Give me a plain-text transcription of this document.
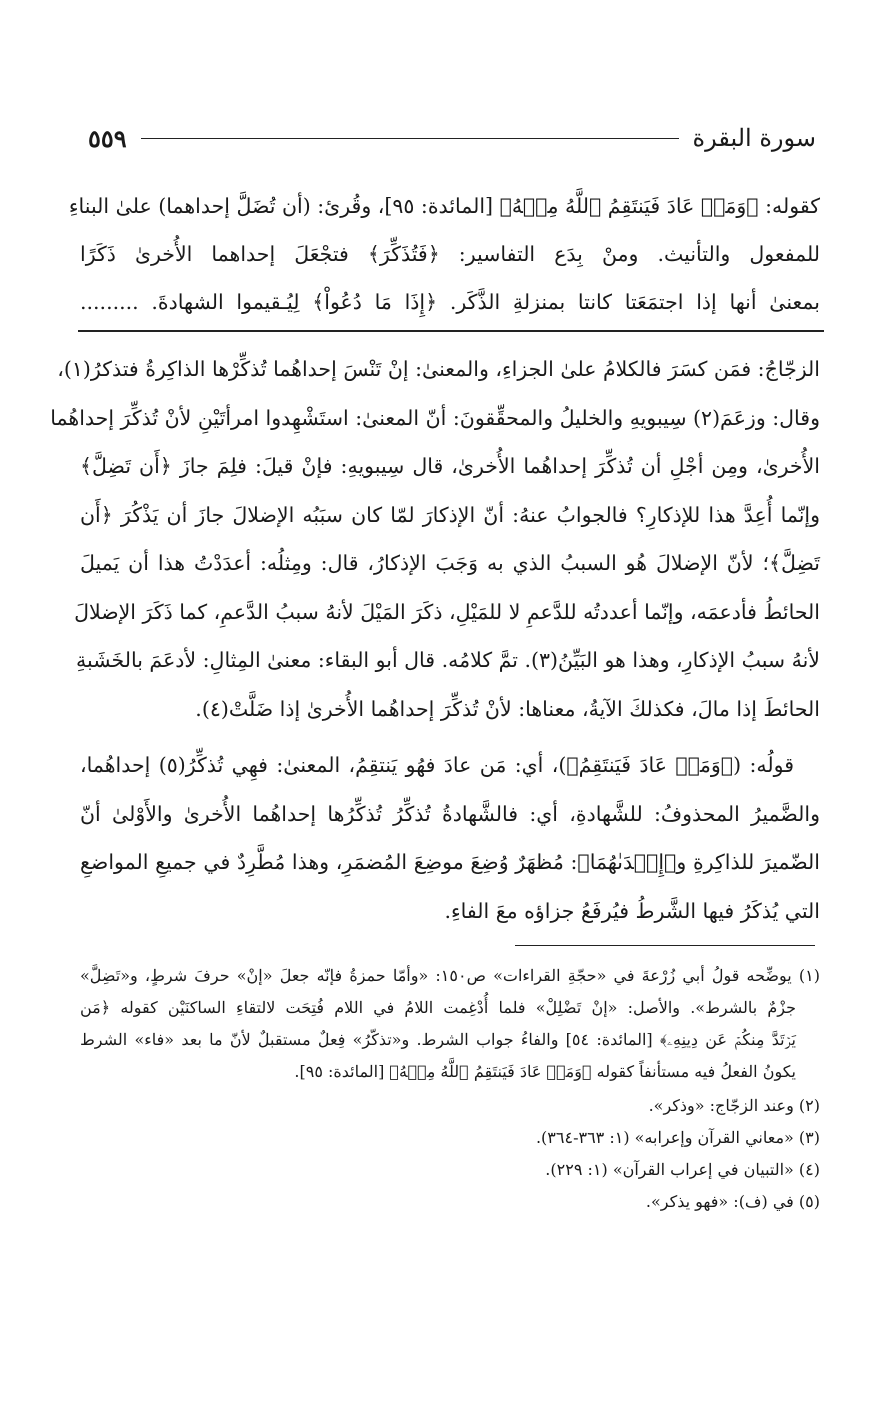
سورة البقرة
٥٥٩
كقوله: ﴿وَمَنۡ عَادَ فَيَنتَقِمُ ٱللَّهُ مِنۡهُ﴾ [المائدة: ٩٥]، وقُرئ: (أن تُضَلَّ إحداهما) علىٰ البناءِ
للمفعول والتأنيث. ومنْ بِدَع التفاسير: ﴿فَتُذَكِّرَ﴾ فتجْعَلَ إحداهما الأُخرىٰ ذَكَرًا
بمعنىٰ أنها إذا اجتمَعَتا كانتا بمنزلةِ الذَّكَر. ﴿إِذَا مَا دُعُواْ﴾ لِيُـقيموا الشهادةَ. .........
الزجّاجُ: فمَن كسَرَ فالكلامُ علىٰ الجزاءِ، والمعنىٰ: إنْ تَنْسَ إحداهُما تُذكِّرْها الذاكِرةُ فتذكرُ(١)،
وقال: وزعَمَ(٢) سِيبويهِ والخليلُ والمحقِّقونَ: أنّ المعنىٰ: استَشْهِدوا امرأتَيْنِ لأنْ تُذكِّرَ إحداهُما
الأُخرىٰ، ومِن أجْلِ أن تُذكِّرَ إحداهُما الأُخرىٰ، قال سِيبويهِ: فإنْ قيلَ: فلِمَ جازَ ﴿أَن تَضِلَّ﴾
وإنّما أُعِدَّ هذا للإذكارِ؟ فالجوابُ عنهُ: أنّ الإذكارَ لمّا كان سبَبُه الإضلالَ جازَ أن يَذْكُرَ ﴿أَن
تَضِلَّ﴾؛ لأنّ الإضلالَ هُو السببُ الذي به وَجَبَ الإذكارُ، قال: ومِثلُه: أعدَدْتُ هذا أن يَميلَ
الحائطُ فأدعمَه، وإنّما أعددتُه للدَّعمِ لا للمَيْلِ، ذكَرَ المَيْلَ لأنهُ سببُ الدَّعمِ، كما ذَكَرَ الإضلالَ
لأنهُ سببُ الإذكارِ، وهذا هو البَيِّنُ(٣). تمَّ كلامُه. قال أبو البقاء: معنىٰ المِثالِ: لأدعَمَ بالخَشَبةِ
الحائطَ إذا مالَ، فكذلكَ الآيةُ، معناها: لأنْ تُذكِّرَ إحداهُما الأُخرىٰ إذا ضَلَّتْ(٤).
قولُه: (﴿وَمَنۡ عَادَ فَيَنتَقِمُ﴾)، أي: مَن عادَ فهُو يَنتقِمُ، المعنىٰ: فهِي تُذكِّرُ(٥) إحداهُما،
والضَّميرُ المحذوفُ: للشَّهادةِ، أي: فالشَّهادةُ تُذكِّرُ تُذكِّرُها إحداهُما الأُخرىٰ والأَوْلىٰ أنّ
الضّميرَ للذاكِرةِ و﴿إِحۡدَىٰهُمَا﴾: مُظهَرٌ وُضِعَ موضِعَ المُضمَرِ، وهذا مُطَّرِدٌ في جميعِ المواضعِ
التي يُذكَرُ فيها الشَّرطُ فيُرفَعُ جزاؤه معَ الفاءِ.
(١) يوضِّحه قولُ أبي زُرْعةَ في «حجّةِ القراءات» ص١٥٠: «وأمّا حمزةُ فإنّه جعلَ «إنْ» حرفَ شرطٍ، و«تَضِلَّ»
جزْمٌ بالشرط». والأصل: «إنْ تَضْلِلْ» فلما أُدْغِمت اللامُ في اللام فُتِحَت لالتقاءِ الساكنَيْن كقوله ﴿مَن
يَرۡتَدَّ مِنكُمۡ عَن دِينِهِۦ﴾ [المائدة: ٥٤] والفاءُ جواب الشرط. و«تذكّرُ» فِعلٌ مستقبلٌ لأنّ ما بعد «فاء» الشرط
يكونُ الفعلُ فيه مستأنفاً كقوله ﴿وَمَنۡ عَادَ فَيَنتَقِمُ ٱللَّهُ مِنۡهُ﴾ [المائدة: ٩٥].
(٢) وعند الزجّاج: «وذكر».
(٣) «معاني القرآن وإعرابه» (١: ٣٦٣-٣٦٤).
(٤) «التبيان في إعراب القرآن» (١: ٢٢٩).
(٥) في (ف): «فهو يذكر».
